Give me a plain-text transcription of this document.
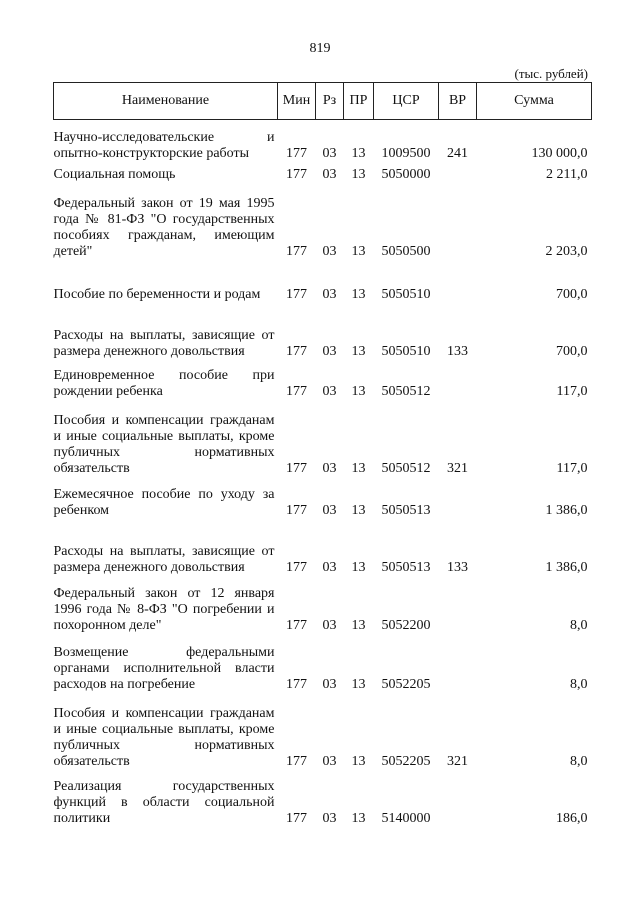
819
(тыс. рублей)
Наименование	Мин	Рз	ПР	ЦСР	ВР	Сумма
Научно-исследовательские и опытно-конструкторские работы	177	03	13	1009500	241	130 000,0
Социальная помощь	177	03	13	5050000		2 211,0
Федеральный закон от 19 мая 1995 года № 81-ФЗ "О государственных пособиях гражданам, имеющим детей"	177	03	13	5050500		2 203,0
Пособие по беременности и родам	177	03	13	5050510		700,0
Расходы на выплаты, зависящие от размера денежного довольствия	177	03	13	5050510	133	700,0
Единовременное пособие при рождении ребенка	177	03	13	5050512		117,0
Пособия и компенсации гражданам и иные социальные выплаты, кроме публичных нормативных обязательств	177	03	13	5050512	321	117,0
Ежемесячное пособие по уходу за ребенком	177	03	13	5050513		1 386,0
Расходы на выплаты, зависящие от размера денежного довольствия	177	03	13	5050513	133	1 386,0
Федеральный закон от 12 января 1996 года № 8-ФЗ "О погребении и похоронном деле"	177	03	13	5052200		8,0
Возмещение федеральными органами исполнительной власти расходов на погребение	177	03	13	5052205		8,0
Пособия и компенсации гражданам и иные социальные выплаты, кроме публичных нормативных обязательств	177	03	13	5052205	321	8,0
Реализация государственных функций в области социальной политики	177	03	13	5140000		186,0
